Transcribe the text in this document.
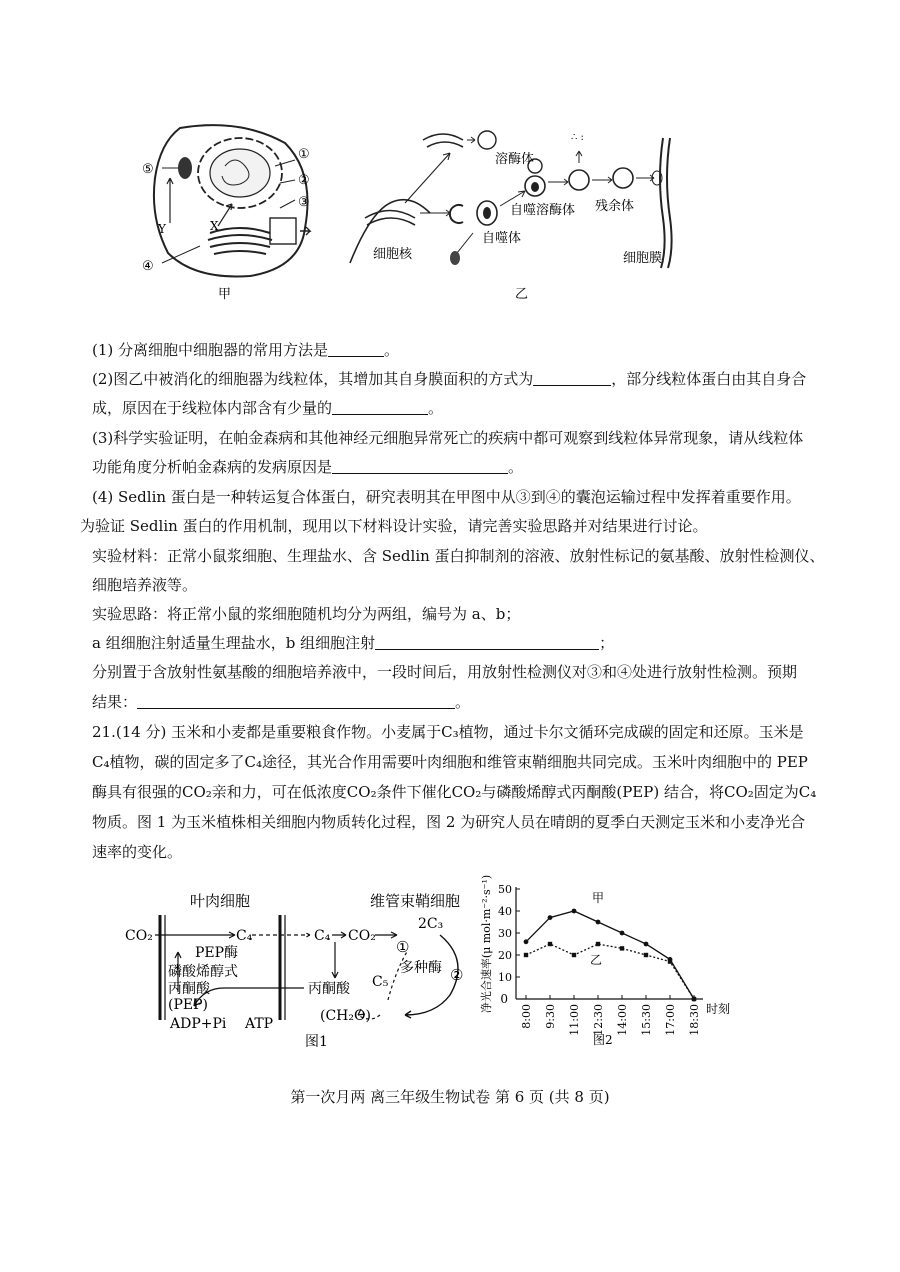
①
②
③
④
⑤
X
Y
甲
∴ :
细胞核
溶酶体
自噬体
自噬溶酶体 残余体
细胞膜
乙
(1) 分离细胞中细胞器的常用方法是	。
(2)图乙中被消化的细胞器为线粒体，其增加其自身膜面积的方式为	，部分线粒体蛋白由其自身合
成，原因在于线粒体内部含有少量的	。
(3)科学实验证明，在帕金森病和其他神经元细胞异常死亡的疾病中都可观察到线粒体异常现象，请从线粒体
功能角度分析帕金森病的发病原因是	。
(4) Sedlin 蛋白是一种转运复合体蛋白，研究表明其在甲图中从③到④的囊泡运输过程中发挥着重要作用。
为验证 Sedlin 蛋白的作用机制，现用以下材料设计实验，请完善实验思路并对结果进行讨论。
实验材料：正常小鼠浆细胞、生理盐水、含 Sedlin 蛋白抑制剂的溶液、放射性标记的氨基酸、放射性检测仪、
细胞培养液等。
实验思路：将正常小鼠的浆细胞随机均分为两组，编号为 a、b；
a 组细胞注射适量生理盐水，b 组细胞注射	；
分别置于含放射性氨基酸的细胞培养液中，一段时间后，用放射性检测仪对③和④处进行放射性检测。预期
结果：	。
21.(14 分) 玉米和小麦都是重要粮食作物。小麦属于C₃植物，通过卡尔文循环完成碳的固定和还原。玉米是
C₄植物，碳的固定多了C₄途径，其光合作用需要叶肉细胞和维管束鞘细胞共同完成。玉米叶肉细胞中的 PEP
酶具有很强的CO₂亲和力，可在低浓度CO₂条件下催化CO₂与磷酸烯醇式丙酮酸(PEP) 结合，将CO₂固定为C₄
物质。图 1 为玉米植株相关细胞内物质转化过程，图 2 为研究人员在晴朗的夏季白天测定玉米和小麦净光合
速率的变化。
叶肉细胞	维管束鞘细胞
CO₂	C₄	C₄ CO₂
PEP酶
磷酸烯醇式
丙酮酸
(PEP)
ADP+Pi ATP
丙酮酸
2C₃
①
多种酶 ②
C₅
(CH₂O)
图1
10
20
30
40
50
8:00 9:30 11:00 12:30 14:00 15:30 17:00 18:30
甲
乙
0
时刻
净光合速率(μ mol·m⁻²·s⁻¹)
图2
第一次月两 离三年级生物试卷 第 6 页 (共 8 页)
